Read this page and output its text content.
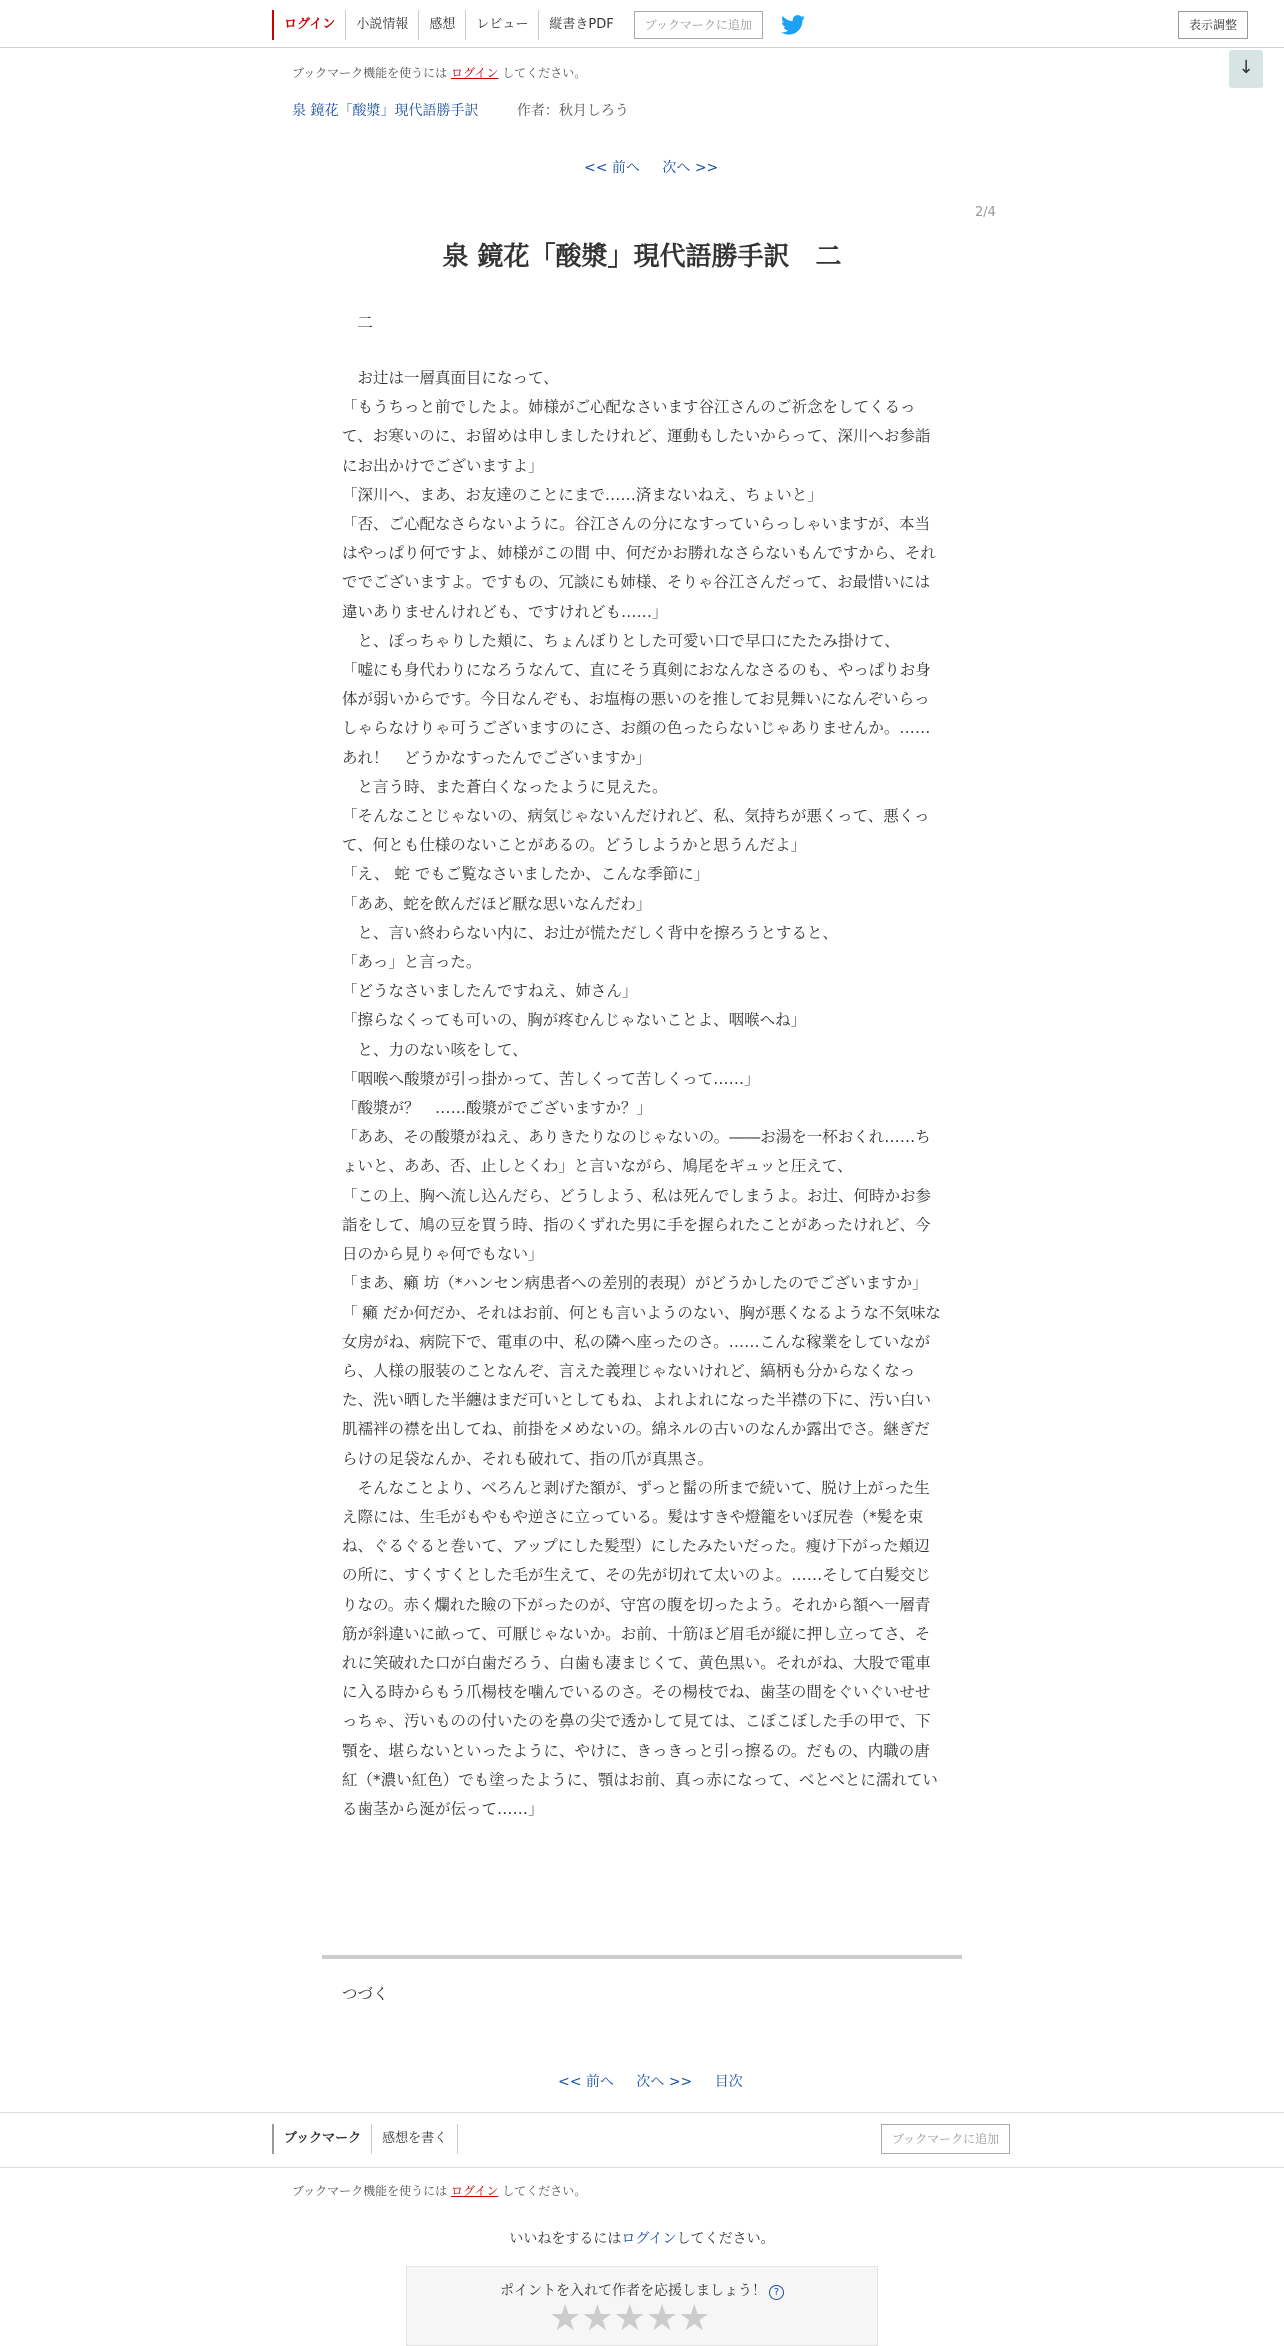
ログイン	小説情報	感想	レビュー	縦書きPDF	ブックマークに追加	表示調整
ブックマーク機能を使うには ログイン してください。	↓
泉 鏡花「酸漿」現代語勝手訳	作者：秋月しろう
<< 前へ 次へ >>
2/4
泉 鏡花「酸漿」現代語勝手訳　二
二

　お辻は一層真面目になって、

「もうちっと前でしたよ。姉様がご心配なさいます谷江さんのご祈念をしてくるって、お寒いのに、お留めは申しましたけれど、運動もしたいからって、深川へお参詣にお出かけでございますよ」

「深川へ、まあ、お友達のことにまで……済まないねえ、ちょいと」

「否、ご心配なさらないように。谷江さんの分になすっていらっしゃいますが、本当はやっぱり何ですよ、姉様がこの間 中、何だかお勝れなさらないもんですから、それででございますよ。ですもの、冗談にも姉様、そりゃ谷江さんだって、お最惜いには違いありませんけれども、ですけれども……」

　と、ぽっちゃりした頬に、ちょんぼりとした可愛い口で早口にたたみ掛けて、

「嘘にも身代わりになろうなんて、直にそう真剣におなんなさるのも、やっぱりお身体が弱いからです。今日なんぞも、お塩梅の悪いのを推してお見舞いになんぞいらっしゃらなけりゃ可うございますのにさ、お顔の色ったらないじゃありませんか。……あれ！　どうかなすったんでございますか」

　と言う時、また蒼白くなったように見えた。

「そんなことじゃないの、病気じゃないんだけれど、私、気持ちが悪くって、悪くって、何とも仕様のないことがあるの。どうしようかと思うんだよ」

「え、 蛇 でもご覧なさいましたか、こんな季節に」

「ああ、蛇を飲んだほど厭な思いなんだわ」

　と、言い終わらない内に、お辻が慌ただしく背中を擦ろうとすると、

「あっ」と言った。

「どうなさいましたんですねえ、姉さん」

「擦らなくっても可いの、胸が疼むんじゃないことよ、咽喉へね」

　と、力のない咳をして、

「咽喉へ酸漿が引っ掛かって、苦しくって苦しくって……」

「酸漿が？　……酸漿がでございますか？」

「ああ、その酸漿がねえ、ありきたりなのじゃないの。――お湯を一杯おくれ……ちょいと、ああ、否、止しとくわ」と言いながら、鳩尾をギュッと圧えて、

「この上、胸へ流し込んだら、どうしよう、私は死んでしまうよ。お辻、何時かお参詣をして、鳩の豆を買う時、指のくずれた男に手を握られたことがあったけれど、今日のから見りゃ何でもない」

「まあ、癩 坊（*ハンセン病患者への差別的表現）がどうかしたのでございますか」

「 癩 だか何だか、それはお前、何とも言いようのない、胸が悪くなるような不気味な女房がね、病院下で、電車の中、私の隣へ座ったのさ。……こんな稼業をしていながら、人様の服装のことなんぞ、言えた義理じゃないけれど、縞柄も分からなくなった、洗い晒した半纏はまだ可いとしてもね、よれよれになった半襟の下に、汚い白い肌襦袢の襟を出してね、前掛をメめないの。綿ネルの古いのなんか露出でさ。継ぎだらけの足袋なんか、それも破れて、指の爪が真黒さ。

　そんなことより、べろんと剥げた額が、ずっと髷の所まで続いて、脱け上がった生え際には、生毛がもやもや逆さに立っている。髪はすきや燈籠をいぼ尻巻（*髪を束ね、ぐるぐると巻いて、アップにした髪型）にしたみたいだった。瘦け下がった頬辺の所に、すくすくとした毛が生えて、その先が切れて太いのよ。……そして白髪交じりなの。赤く爛れた瞼の下がったのが、守宮の腹を切ったよう。それから額へ一層青筋が斜違いに畝って、可厭じゃないか。お前、十筋ほど眉毛が縦に押し立ってさ、それに笑破れた口が白歯だろう、白歯も凄まじくて、黄色黒い。それがね、大股で電車に入る時からもう爪楊枝を噛んでいるのさ。その楊枝でね、歯茎の間をぐいぐいせせっちゃ、汚いものの付いたのを鼻の尖で透かして見ては、こぼこぼした手の甲で、下顎を、堪らないといったように、やけに、きっきっと引っ擦るの。だもの、内職の唐紅（*濃い紅色）でも塗ったように、顎はお前、真っ赤になって、べとべとに濡れている歯茎から涎が伝って……」

つづく
<< 前へ 次へ >> 目次
ブックマーク	感想を書く	ブックマークに追加
ブックマーク機能を使うには ログイン してください。
いいねをするにはログインしてください。
ポイントを入れて作者を応援しましょう！ ?
★ ★ ★ ★ ★
